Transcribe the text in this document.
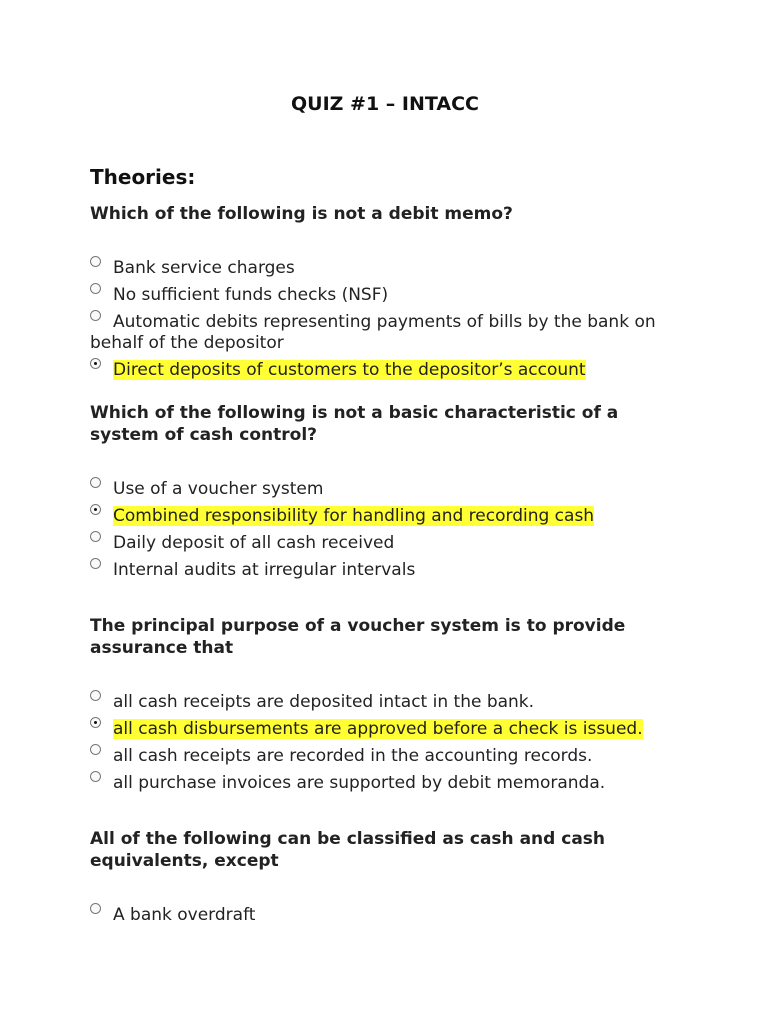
QUIZ #1 – INTACC
Theories:

Which of the following is not a debit memo?

Bank service charges
No sufficient funds checks (NSF)
Automatic debits representing payments of bills by the bank on behalf of the depositor
Direct deposits of customers to the depositor’s account

Which of the following is not a basic characteristic of a system of cash control?

Use of a voucher system
Combined responsibility for handling and recording cash
Daily deposit of all cash received
Internal audits at irregular intervals

The principal purpose of a voucher system is to provide assurance that

all cash receipts are deposited intact in the bank.
all cash disbursements are approved before a check is issued.
all cash receipts are recorded in the accounting records.
all purchase invoices are supported by debit memoranda.

All of the following can be classified as cash and cash equivalents, except

A bank overdraft
